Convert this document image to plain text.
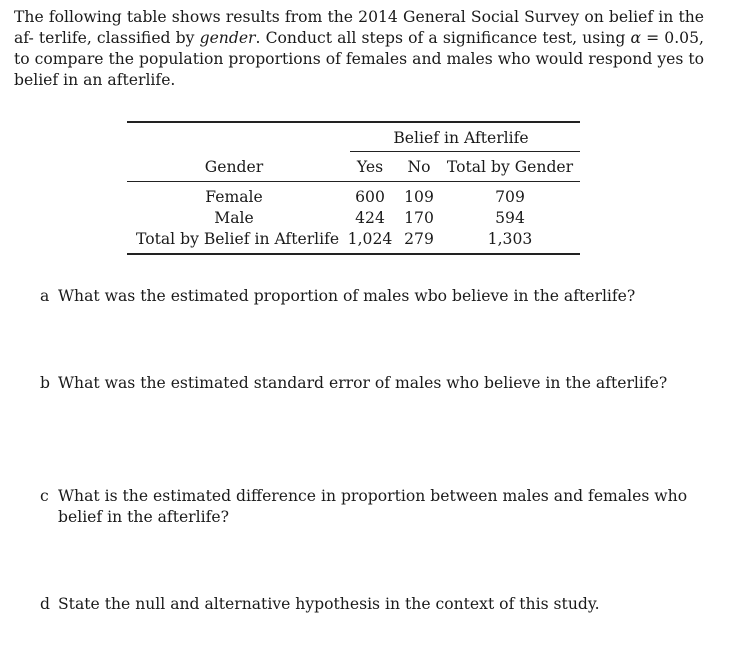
The following table shows results from the 2014 General Social Survey on belief in the af- terlife, classified by gender. Conduct all steps of a significance test, using α = 0.05, to compare the population proportions of females and males who would respond yes to belief in an afterlife.

Belief in Afterlife
Gender	Yes No Total by Gender
Female	600 109	709
Male	424 170	594
Total by Belief in Afterlife 1,024 279	1,303
a What was the estimated proportion of males wbo believe in the afterlife?
b What was the estimated standard error of males who believe in the afterlife?
c What is the estimated difference in proportion between males and females who belief in the afterlife?
d State the null and alternative hypothesis in the context of this study.
